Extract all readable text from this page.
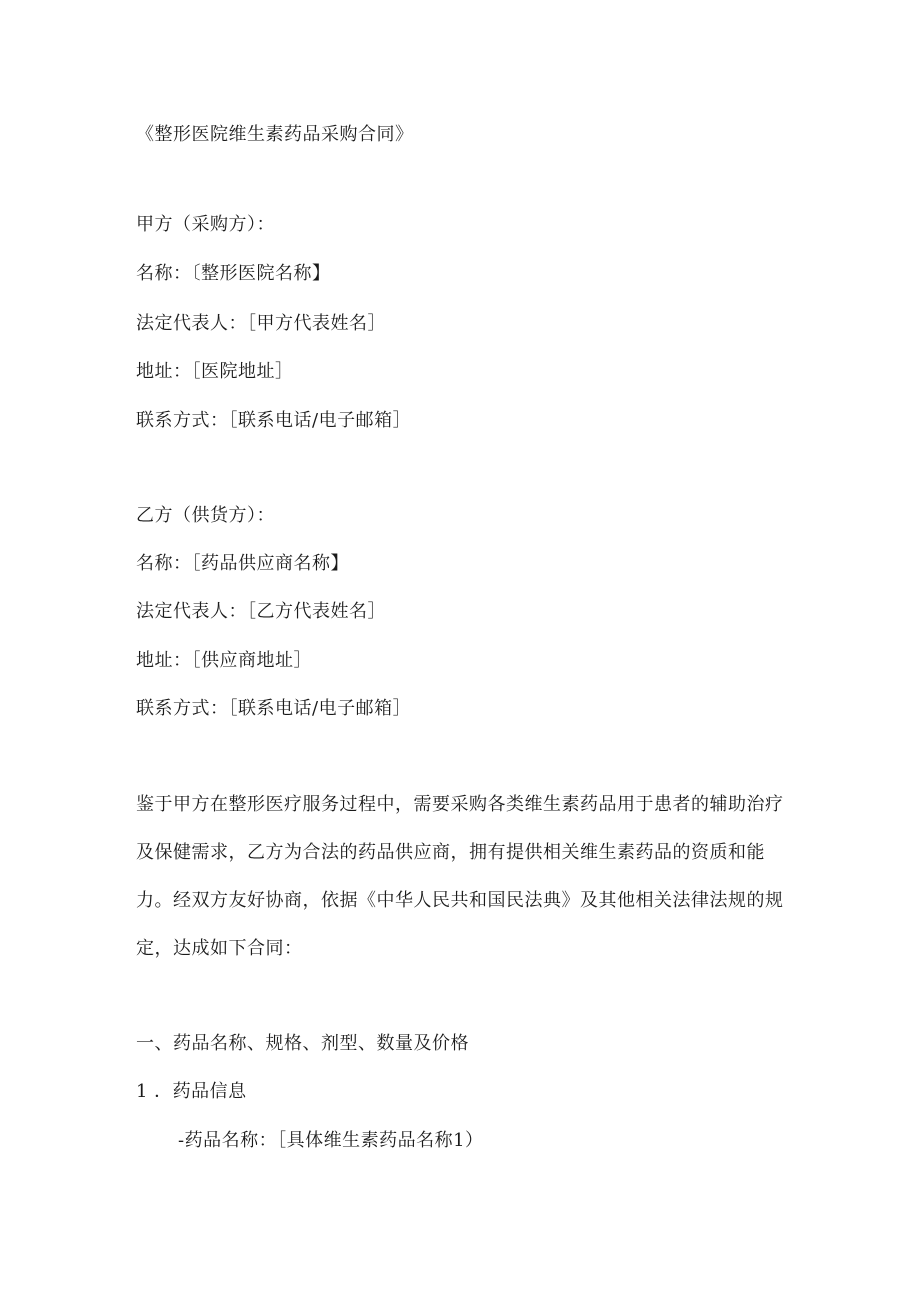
《整形医院维生素药品采购合同》
甲方（采购方）：
名称：〔整形医院名称】
法定代表人：［甲方代表姓名］
地址：［医院地址］
联系方式：［联系电话/电子邮箱］
乙方（供货方）：
名称：［药品供应商名称】
法定代表人：［乙方代表姓名］
地址：［供应商地址］
联系方式：［联系电话/电子邮箱］
鉴于甲方在整形医疗服务过程中，需要采购各类维生素药品用于患者的辅助治疗及保健需求，乙方为合法的药品供应商，拥有提供相关维生素药品的资质和能力。经双方友好协商，依据《中华人民共和国民法典》及其他相关法律法规的规定，达成如下合同：
一、药品名称、规格、剂型、数量及价格
1 ．药品信息
-药品名称：［具体维生素药品名称1）
